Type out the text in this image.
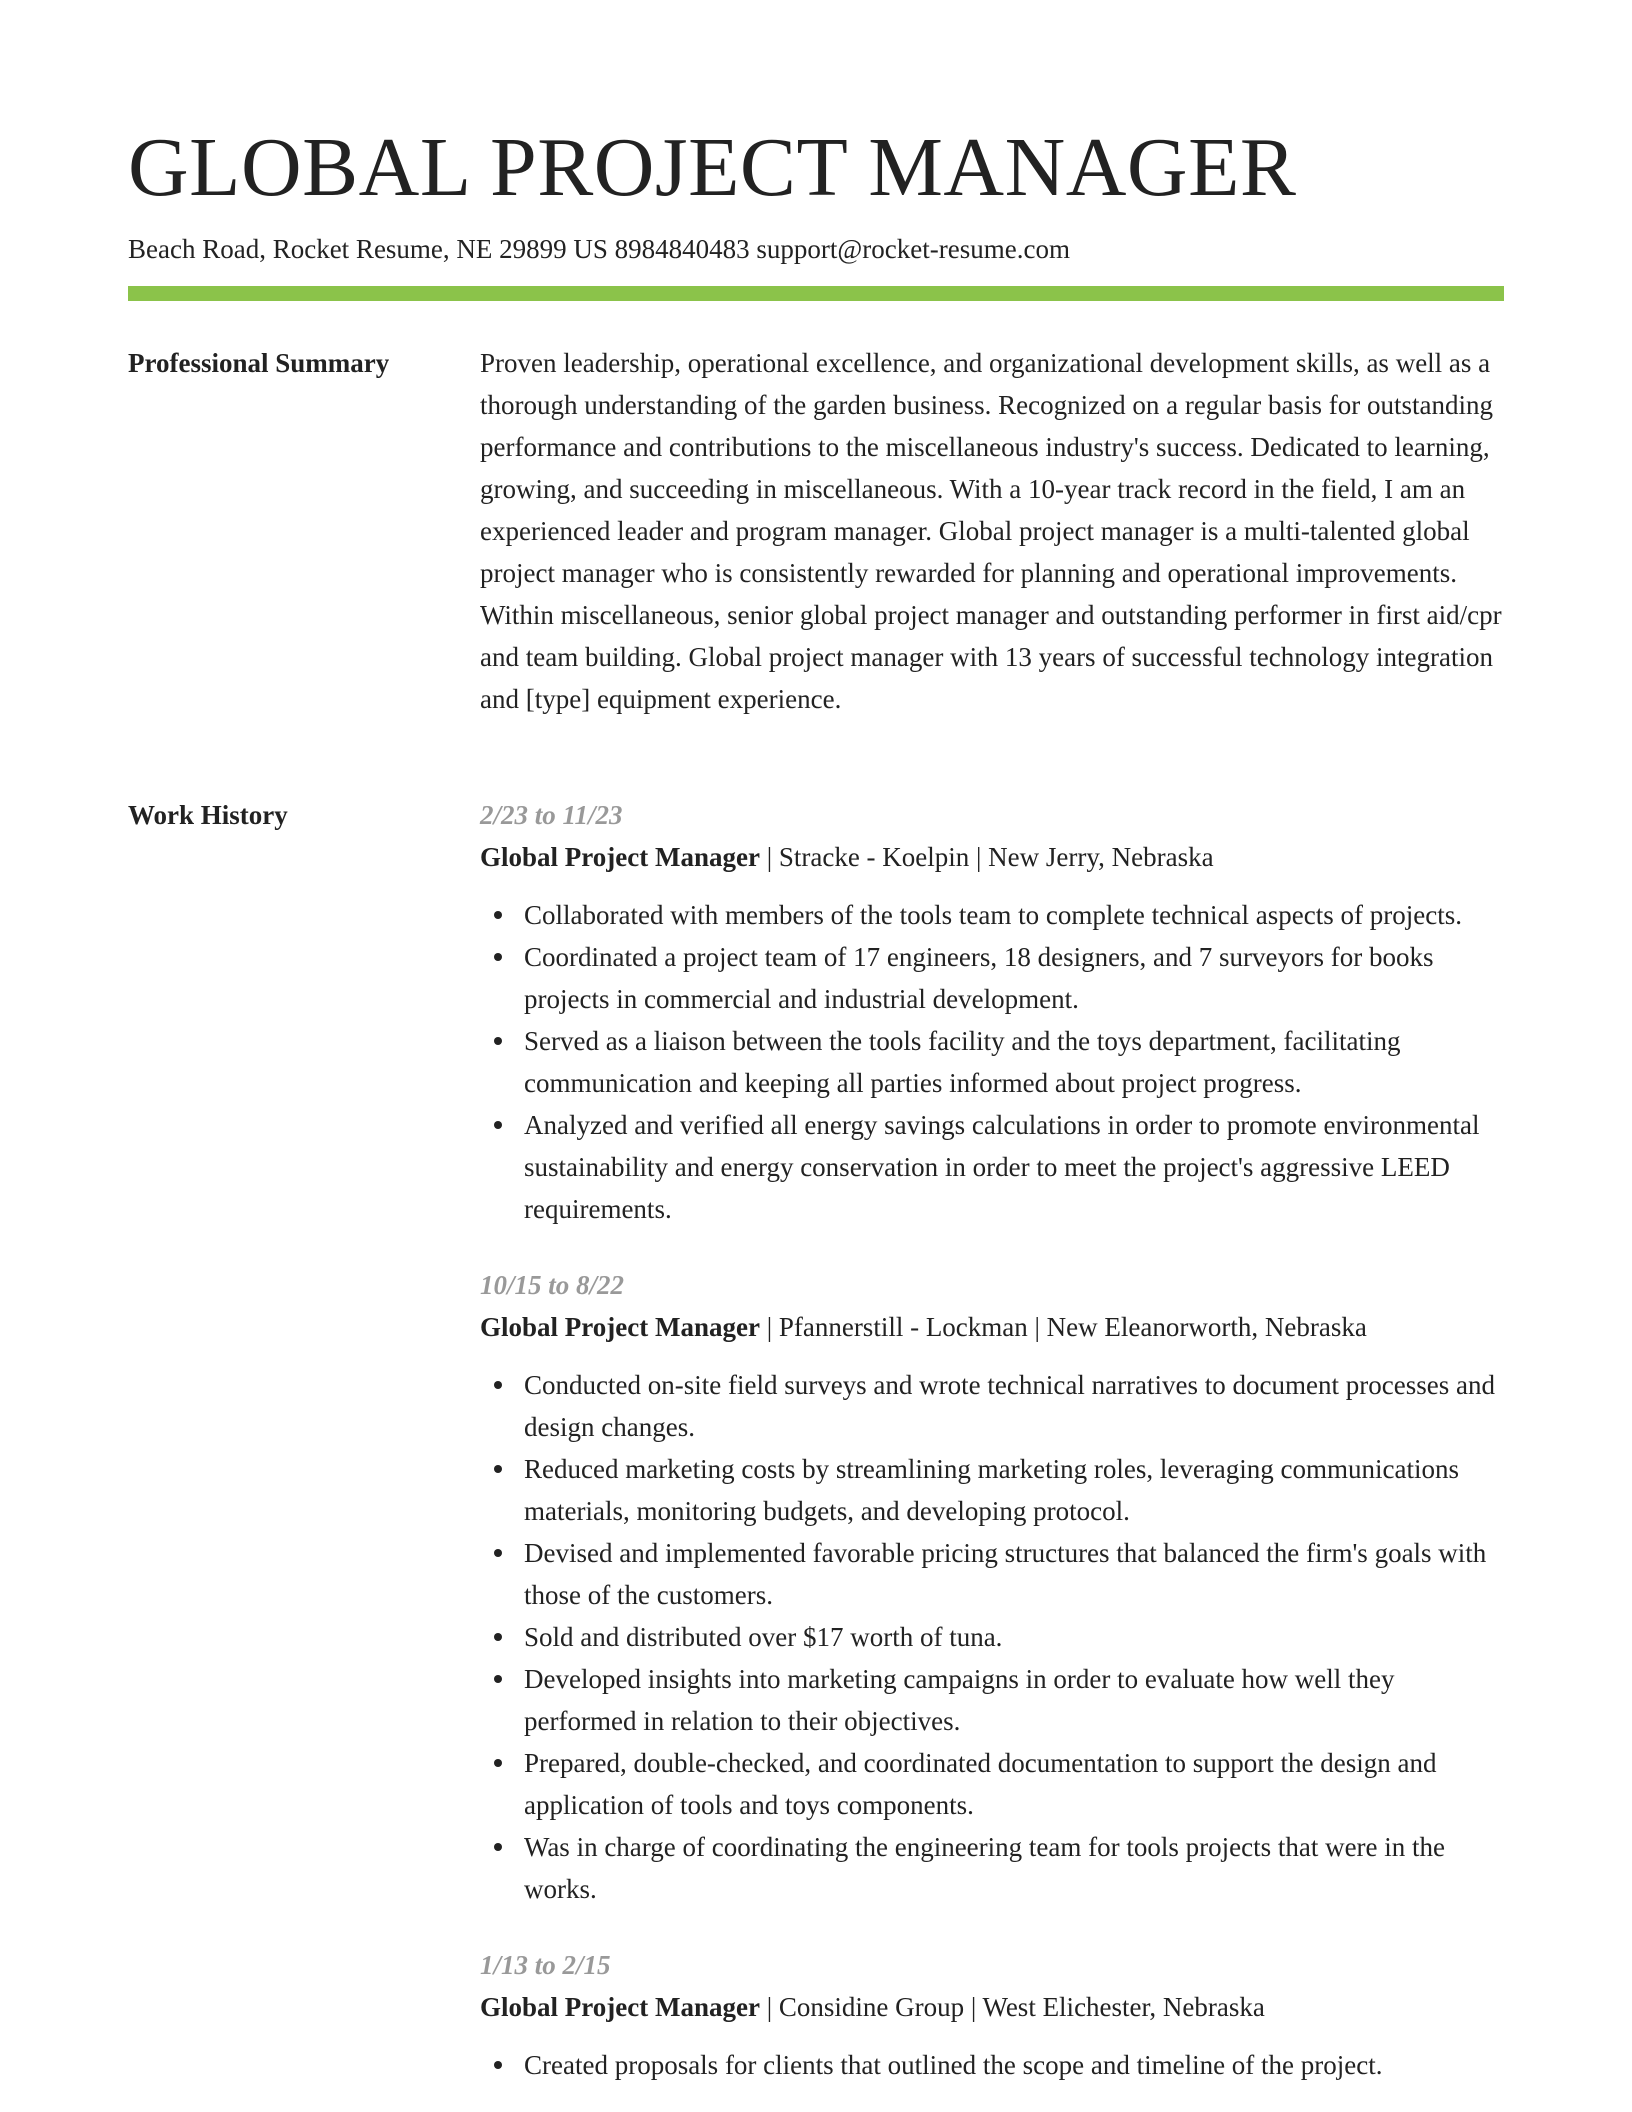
GLOBAL PROJECT MANAGER
Beach Road, Rocket Resume, NE 29899 US 8984840483 support@rocket-resume.com
Professional Summary	Proven leadership, operational excellence, and organizational development skills, as well as a thorough understanding of the garden business. Recognized on a regular basis for outstanding performance and contributions to the miscellaneous industry's success. Dedicated to learning, growing, and succeeding in miscellaneous. With a 10-year track record in the field, I am an experienced leader and program manager. Global project manager is a multi-talented global project manager who is consistently rewarded for planning and operational improvements. Within miscellaneous, senior global project manager and outstanding performer in first aid/cpr and team building. Global project manager with 13 years of successful technology integration and [type] equipment experience.
Work History	2/23 to 11/23
Global Project Manager | Stracke - Koelpin | New Jerry, Nebraska
Collaborated with members of the tools team to complete technical aspects of projects.
Coordinated a project team of 17 engineers, 18 designers, and 7 surveyors for books projects in commercial and industrial development.
Served as a liaison between the tools facility and the toys department, facilitating communication and keeping all parties informed about project progress.
Analyzed and verified all energy savings calculations in order to promote environmental sustainability and energy conservation in order to meet the project's aggressive LEED requirements.
10/15 to 8/22
Global Project Manager | Pfannerstill - Lockman | New Eleanorworth, Nebraska
Conducted on-site field surveys and wrote technical narratives to document processes and design changes.
Reduced marketing costs by streamlining marketing roles, leveraging communications materials, monitoring budgets, and developing protocol.
Devised and implemented favorable pricing structures that balanced the firm's goals with those of the customers.
Sold and distributed over $17 worth of tuna.
Developed insights into marketing campaigns in order to evaluate how well they performed in relation to their objectives.
Prepared, double-checked, and coordinated documentation to support the design and application of tools and toys components.
Was in charge of coordinating the engineering team for tools projects that were in the works.
1/13 to 2/15
Global Project Manager | Considine Group | West Elichester, Nebraska
Created proposals for clients that outlined the scope and timeline of the project.
